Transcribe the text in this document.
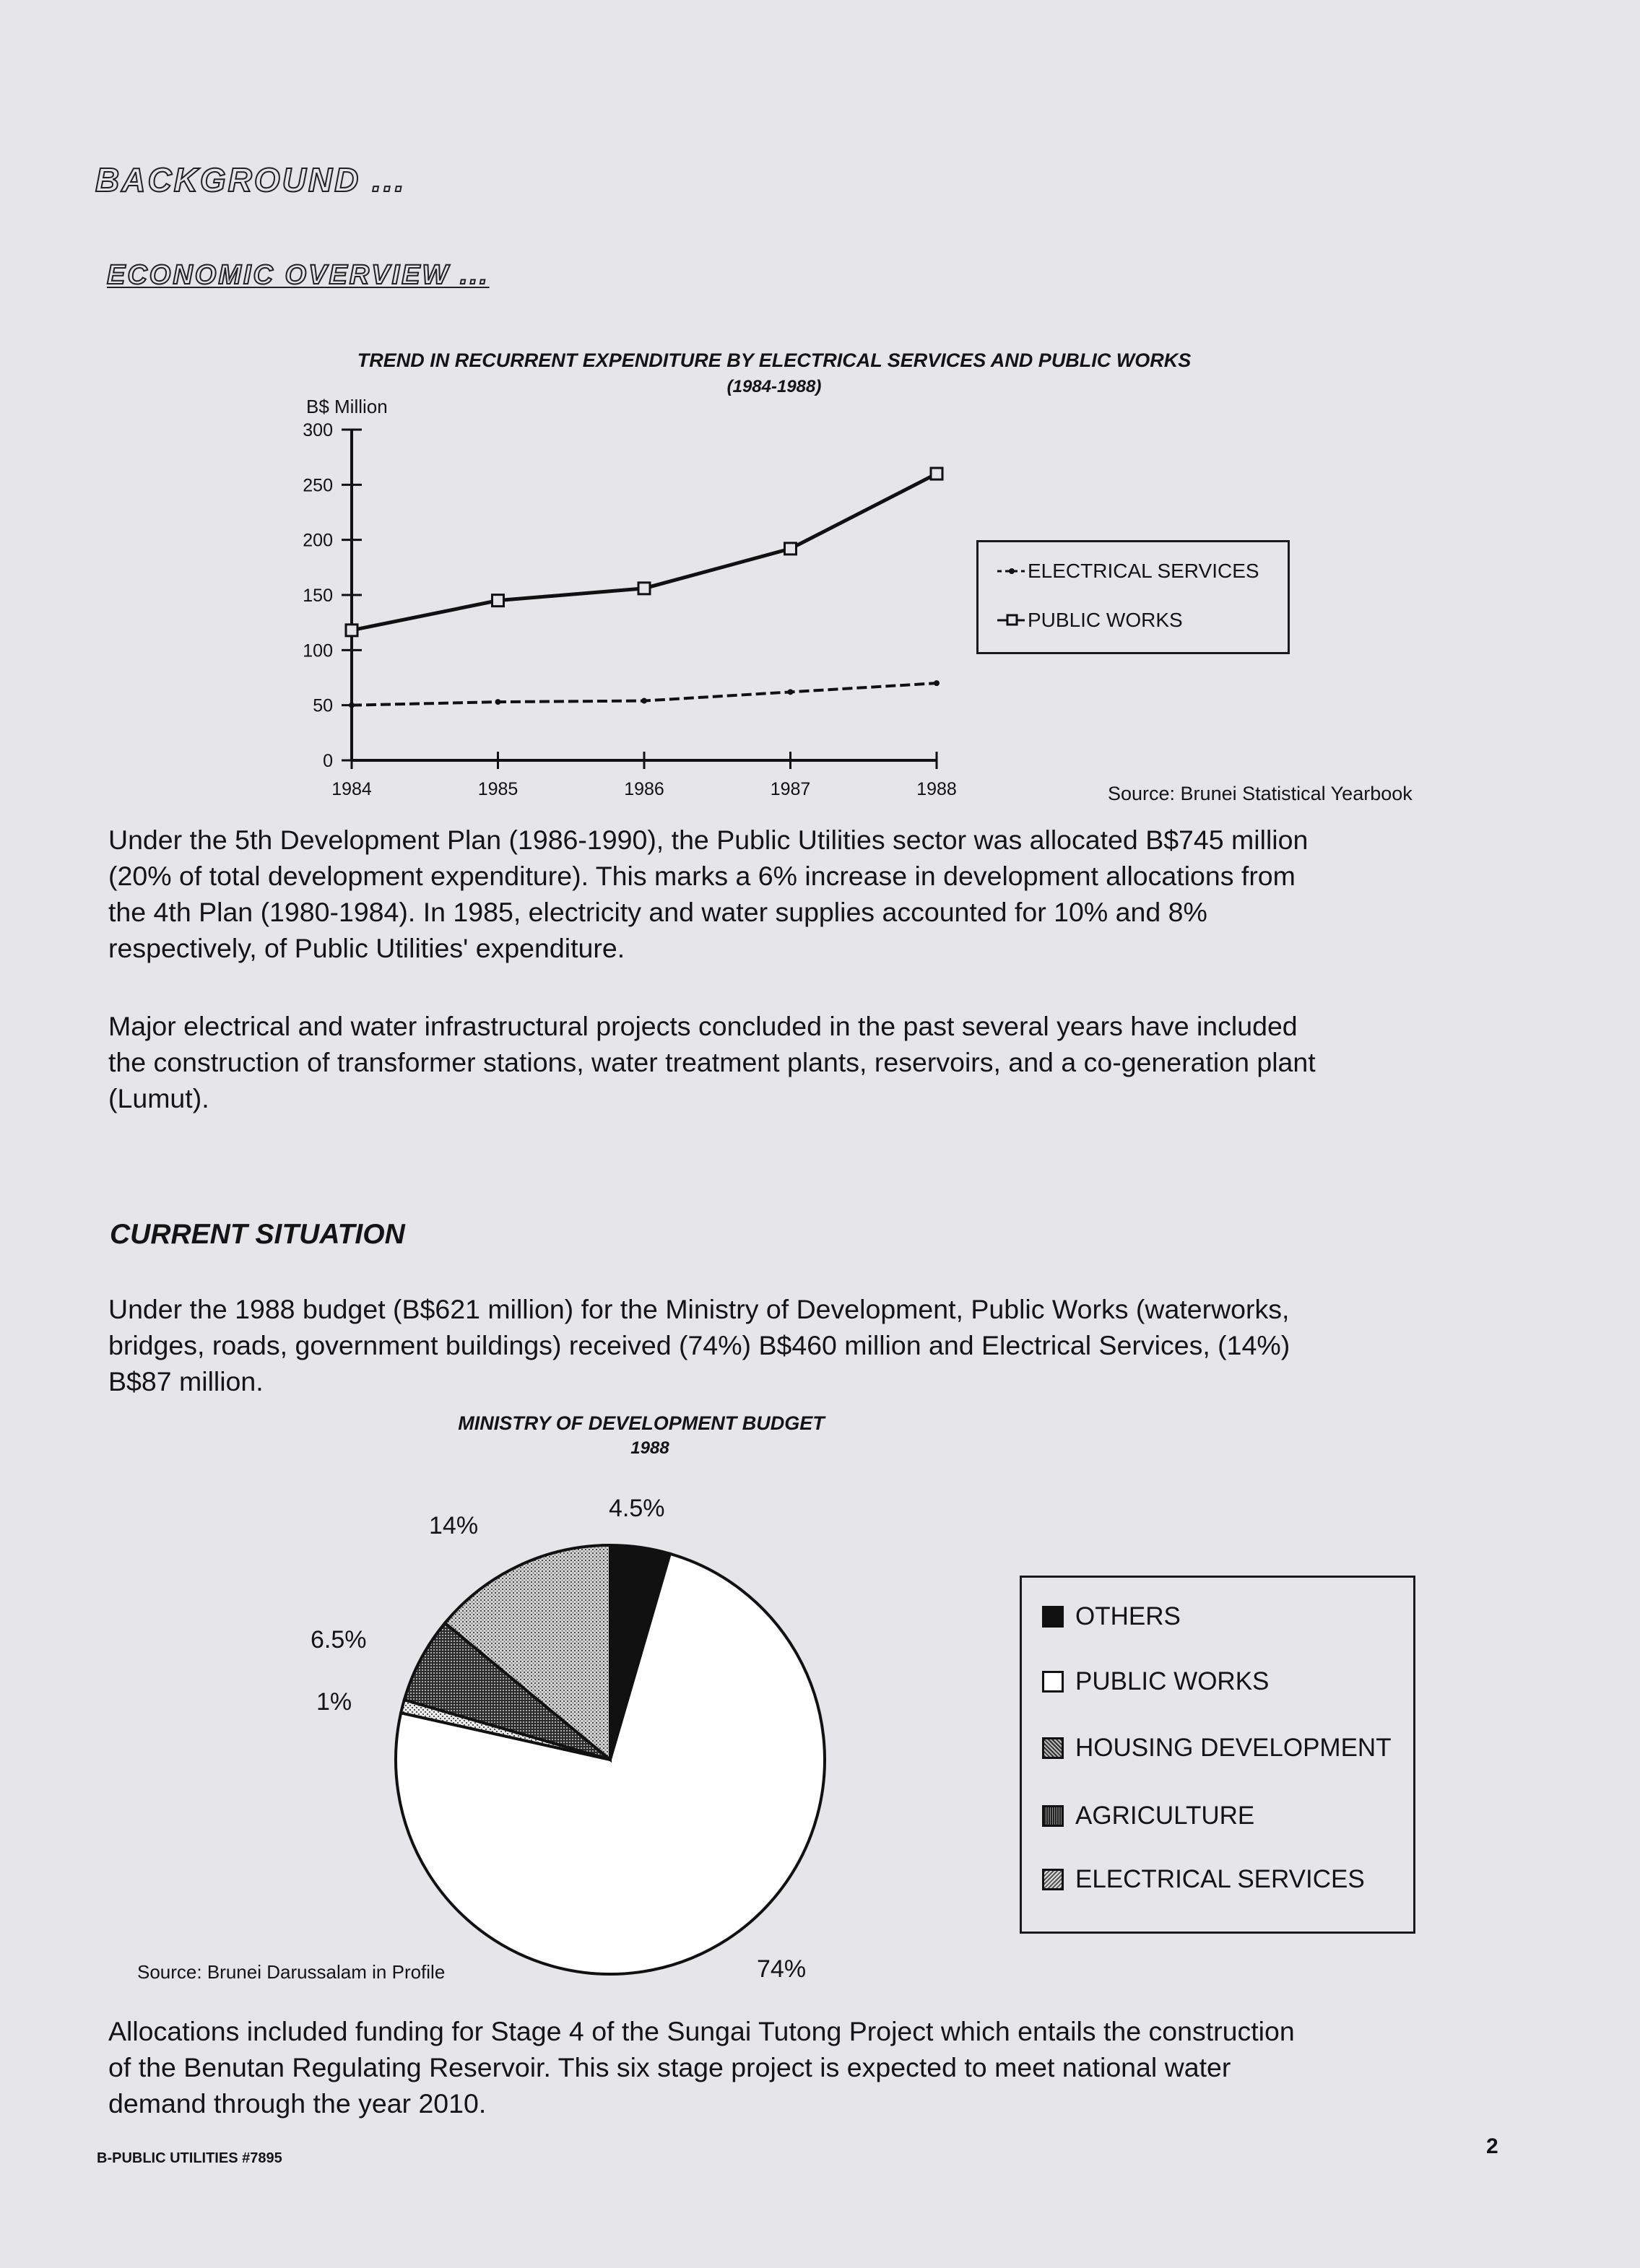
BACKGROUND ...
ECONOMIC OVERVIEW ...
TREND IN RECURRENT EXPENDITURE BY ELECTRICAL SERVICES AND PUBLIC WORKS
(1984-1988)
B$ Million
0
50
100
150
200
250
300
1984	1985	1986	1987	1988
ELECTRICAL SERVICES
PUBLIC WORKS
Source: Brunei Statistical Yearbook
Under the 5th Development Plan (1986-1990), the Public Utilities sector was allocated B$745 million
(20% of total development expenditure). This marks a 6% increase in development allocations from
the 4th Plan (1980-1984). In 1985, electricity and water supplies accounted for 10% and 8%
respectively, of Public Utilities' expenditure.
Major electrical and water infrastructural projects concluded in the past several years have included
the construction of transformer stations, water treatment plants, reservoirs, and a co-generation plant
(Lumut).
CURRENT SITUATION
Under the 1988 budget (B$621 million) for the Ministry of Development, Public Works (waterworks,
bridges, roads, government buildings) received (74%) B$460 million and Electrical Services, (14%)
B$87 million.
MINISTRY OF DEVELOPMENT BUDGET
1988
14%
4.5%
6.5%
1%
74%
OTHERS
PUBLIC WORKS
HOUSING DEVELOPMENT
AGRICULTURE
ELECTRICAL SERVICES
Source: Brunei Darussalam in Profile
Allocations included funding for Stage 4 of the Sungai Tutong Project which entails the construction
of the Benutan Regulating Reservoir. This six stage project is expected to meet national water
demand through the year 2010.
B-PUBLIC UTILITIES #7895	2
